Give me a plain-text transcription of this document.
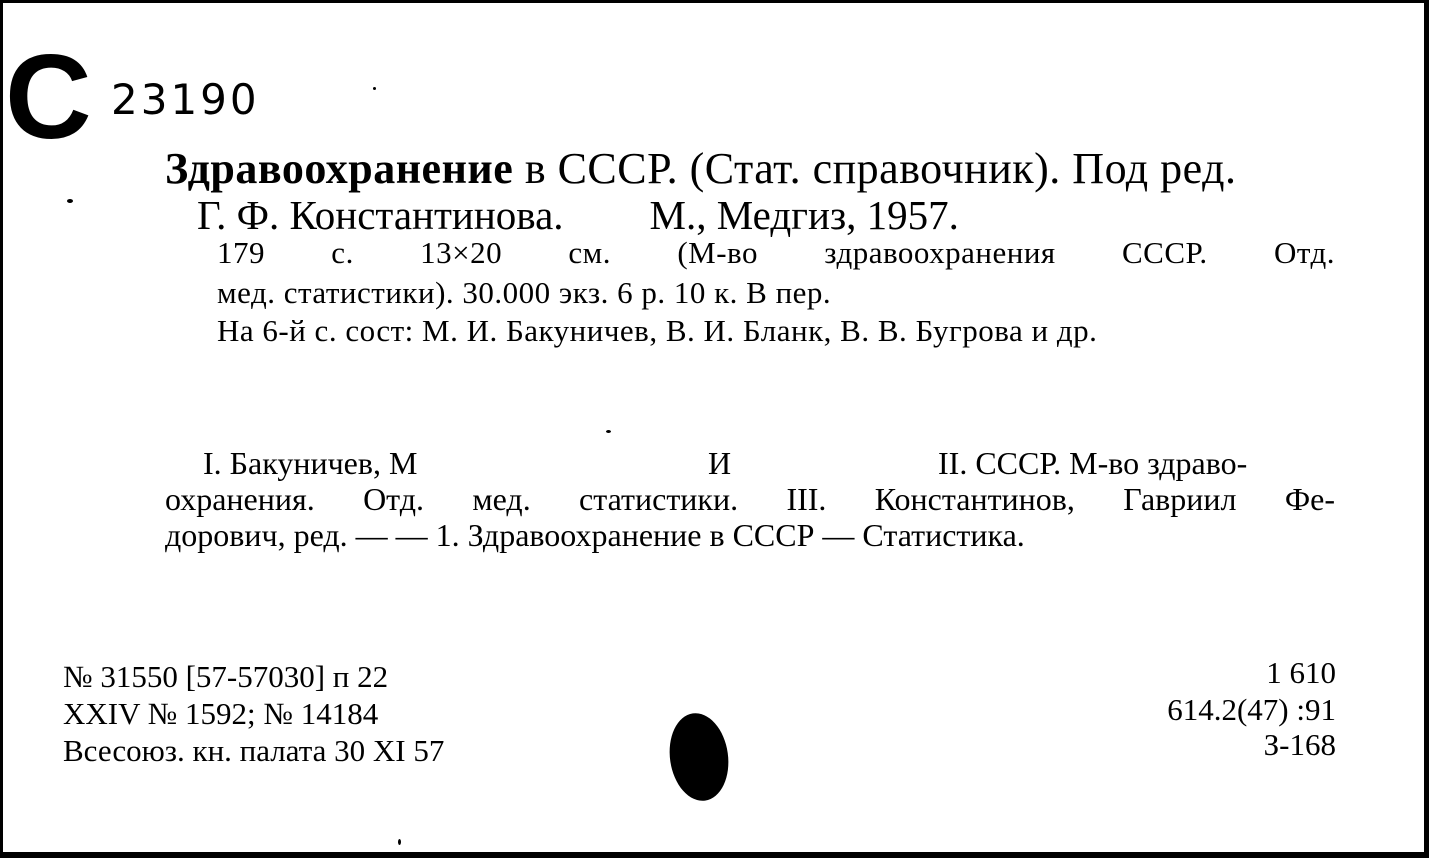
C 23190
Здравоохранение в СССР. (Стат. справочник). Под ред.
Г. Ф. Константинова. М., Медгиз, 1957.
179 с. 13×20 см. (М-во здравоохранения СССР. Отд.
мед. статистики). 30.000 экз. 6 р. 10 к. В пер.
На 6-й с. сост: М. И. Бакуничев, В. И. Бланк, В. В. Бугрова и др.
I. Бакуничев, М	И	II. СССР. М-во здраво-
охранения. Отд. мед. статистики. III. Константинов, Гавриил Фе-
дорович, ред. — — 1. Здравоохранение в СССР — Статистика.
№ 31550 [57-57030] п 22
XXIV № 1592; № 14184
Всесоюз. кн. палата 30 XI 57
1 610
614.2(47) :91
З-168
